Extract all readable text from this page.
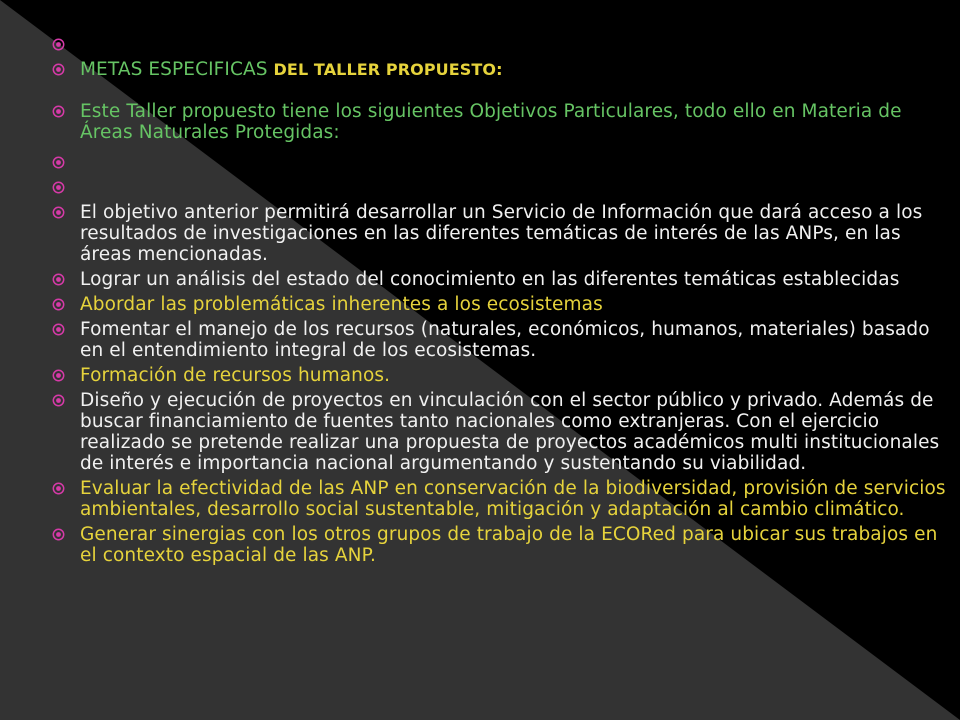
METAS ESPECIFICAS DEL TALLER PROPUESTO:
Este Taller propuesto tiene los siguientes Objetivos Particulares, todo ello en Materia de Áreas Naturales Protegidas:
El objetivo anterior permitirá desarrollar un Servicio de Información que dará acceso a los resultados de investigaciones en las diferentes temáticas de interés de las ANPs, en las áreas mencionadas.
Lograr un análisis del estado del conocimiento en las diferentes temáticas establecidas
Abordar las problemáticas inherentes a los ecosistemas
Fomentar el manejo de los recursos (naturales, económicos, humanos, materiales) basado en el entendimiento integral de los ecosistemas.
Formación de recursos humanos.
Diseño y ejecución de proyectos en vinculación con el sector público y privado. Además de buscar financiamiento de fuentes tanto nacionales como extranjeras. Con el ejercicio realizado se pretende realizar una propuesta de proyectos académicos multi institucionales de interés e importancia nacional argumentando y sustentando su viabilidad.
Evaluar la efectividad de las ANP en conservación de la biodiversidad, provisión de servicios ambientales, desarrollo social sustentable, mitigación y adaptación al cambio climático.
Generar sinergias con los otros grupos de trabajo de la ECORed para ubicar sus trabajos en el contexto espacial de las ANP.
